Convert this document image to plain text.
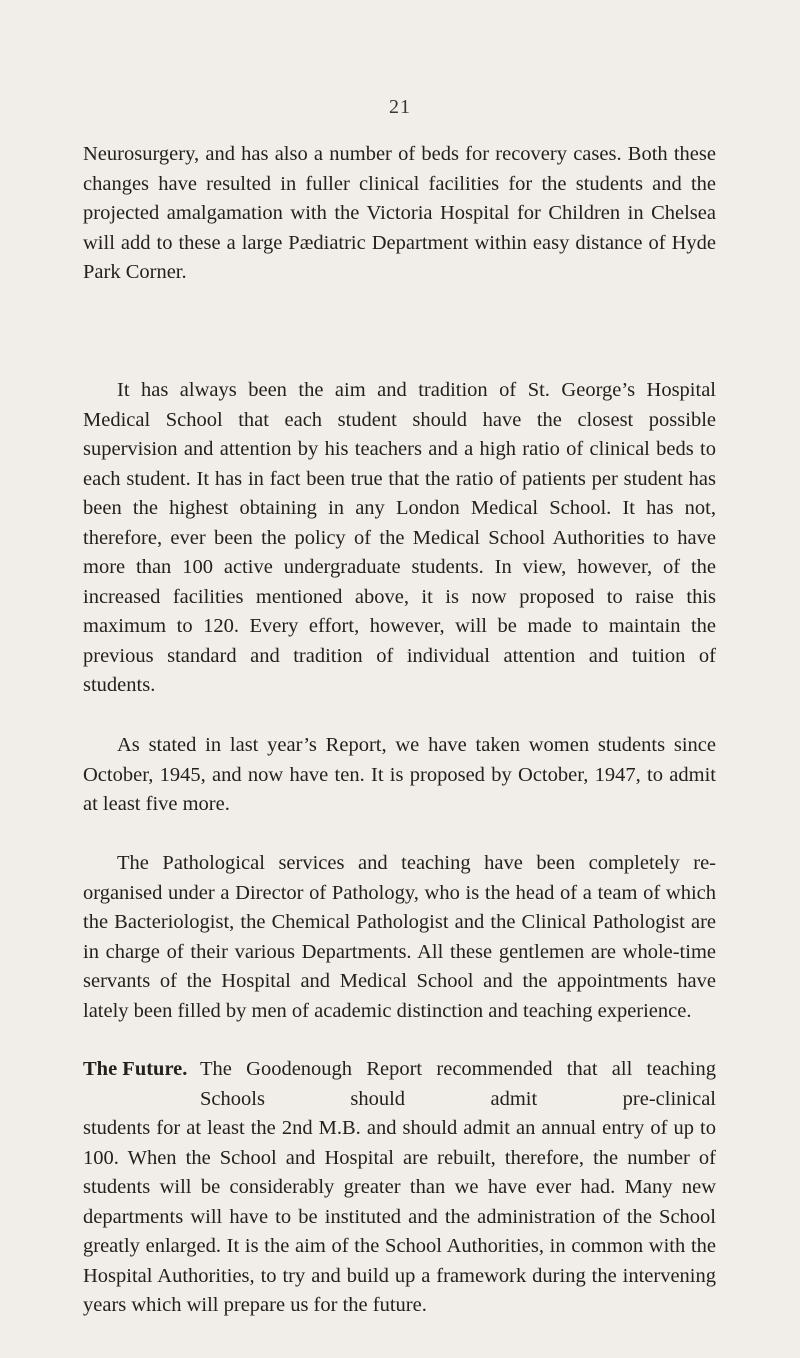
21

Neurosurgery, and has also a number of beds for recovery cases. Both these changes have resulted in fuller clinical facilities for the students and the projected amalgamation with the Victoria Hospital for Children in Chelsea will add to these a large Pædiatric Department within easy distance of Hyde Park Corner.

It has always been the aim and tradition of St. George’s Hospital Medical School that each student should have the closest possible supervision and attention by his teachers and a high ratio of clinical beds to each student. It has in fact been true that the ratio of patients per student has been the highest obtaining in any London Medical School. It has not, therefore, ever been the policy of the Medical School Authorities to have more than 100 active undergraduate students. In view, however, of the increased facilities mentioned above, it is now proposed to raise this maximum to 120. Every effort, however, will be made to maintain the previous standard and tradition of individual attention and tuition of students.

As stated in last year’s Report, we have taken women students since October, 1945, and now have ten. It is proposed by October, 1947, to admit at least five more.

The Pathological services and teaching have been completely re-organised under a Director of Pathology, who is the head of a team of which the Bacteriologist, the Chemical Pathologist and the Clinical Pathologist are in charge of their various Departments. All these gentlemen are whole-time servants of the Hospital and Medical School and the appointments have lately been filled by men of academic distinction and teaching experience.

The Future. The Goodenough Report recommended that all teaching Schools should admit pre-clinical

students for at least the 2nd M.B. and should admit an annual entry of up to 100. When the School and Hospital are rebuilt, therefore, the number of students will be considerably greater than we have ever had. Many new departments will have to be instituted and the administration of the School greatly enlarged. It is the aim of the School Authorities, in common with the Hospital Authorities, to try and build up a framework during the intervening years which will prepare us for the future.
